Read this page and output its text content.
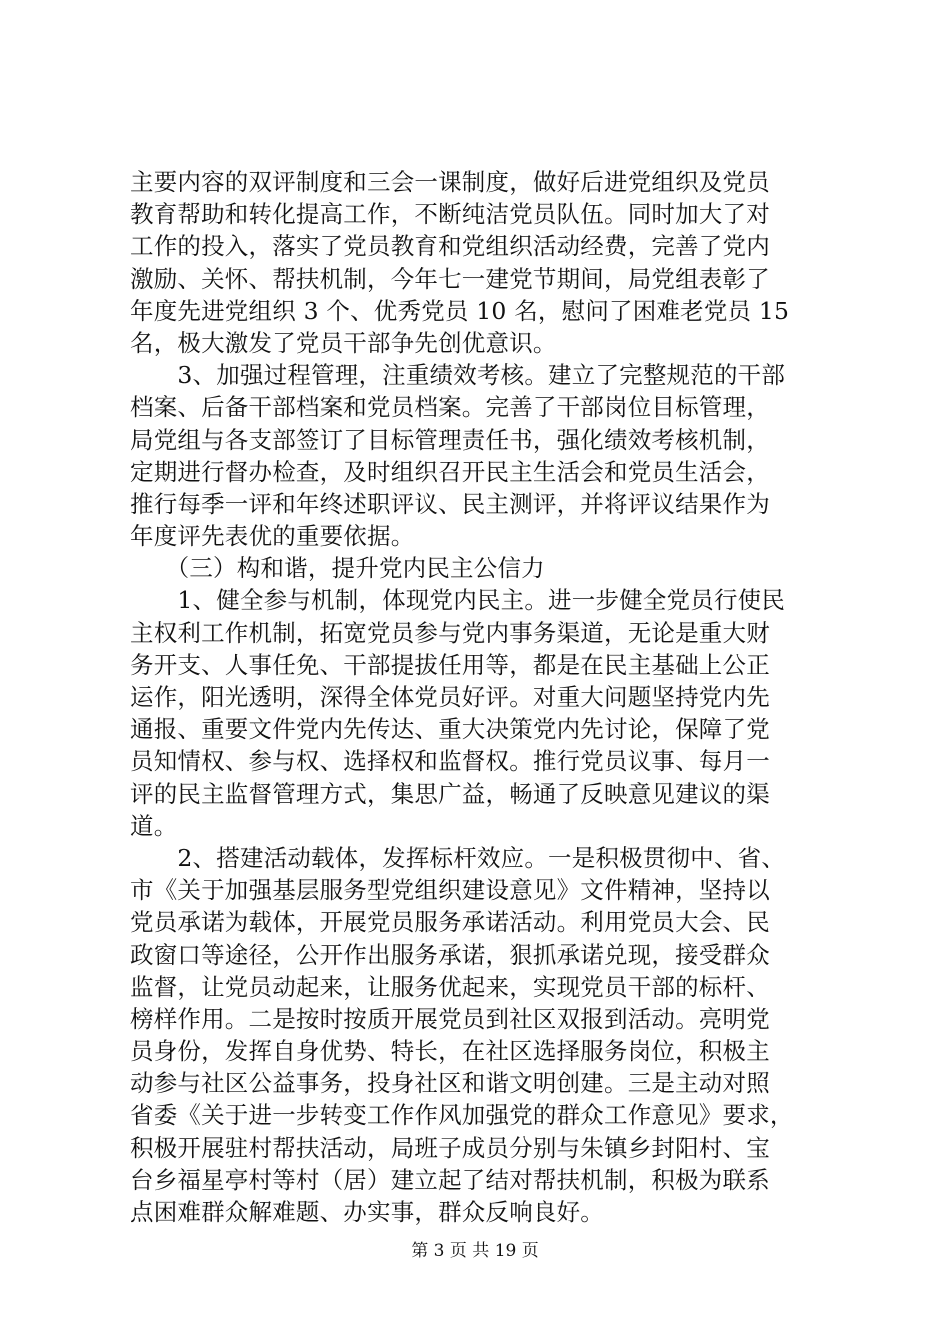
主要内容的双评制度和三会一课制度，做好后进党组织及党员
教育帮助和转化提高工作，不断纯洁党员队伍。同时加大了对
工作的投入，落实了党员教育和党组织活动经费，完善了党内
激励、关怀、帮扶机制，今年七一建党节期间，局党组表彰了
年度先进党组织 3 个、优秀党员 10 名，慰问了困难老党员 15
名，极大激发了党员干部争先创优意识。
　　3、加强过程管理，注重绩效考核。建立了完整规范的干部
档案、后备干部档案和党员档案。完善了干部岗位目标管理，
局党组与各支部签订了目标管理责任书，强化绩效考核机制，
定期进行督办检查，及时组织召开民主生活会和党员生活会，
推行每季一评和年终述职评议、民主测评，并将评议结果作为
年度评先表优的重要依据。
　　（三）构和谐，提升党内民主公信力
　　1、健全参与机制，体现党内民主。进一步健全党员行使民
主权利工作机制，拓宽党员参与党内事务渠道，无论是重大财
务开支、人事任免、干部提拔任用等，都是在民主基础上公正
运作，阳光透明，深得全体党员好评。对重大问题坚持党内先
通报、重要文件党内先传达、重大决策党内先讨论，保障了党
员知情权、参与权、选择权和监督权。推行党员议事、每月一
评的民主监督管理方式，集思广益，畅通了反映意见建议的渠
道。
　　2、搭建活动载体，发挥标杆效应。一是积极贯彻中、省、
市《关于加强基层服务型党组织建设意见》文件精神，坚持以
党员承诺为载体，开展党员服务承诺活动。利用党员大会、民
政窗口等途径，公开作出服务承诺，狠抓承诺兑现，接受群众
监督，让党员动起来，让服务优起来，实现党员干部的标杆、
榜样作用。二是按时按质开展党员到社区双报到活动。亮明党
员身份，发挥自身优势、特长，在社区选择服务岗位，积极主
动参与社区公益事务，投身社区和谐文明创建。三是主动对照
省委《关于进一步转变工作作风加强党的群众工作意见》要求，
积极开展驻村帮扶活动，局班子成员分别与朱镇乡封阳村、宝
台乡福星亭村等村（居）建立起了结对帮扶机制，积极为联系
点困难群众解难题、办实事，群众反响良好。
第 3 页 共 19 页
